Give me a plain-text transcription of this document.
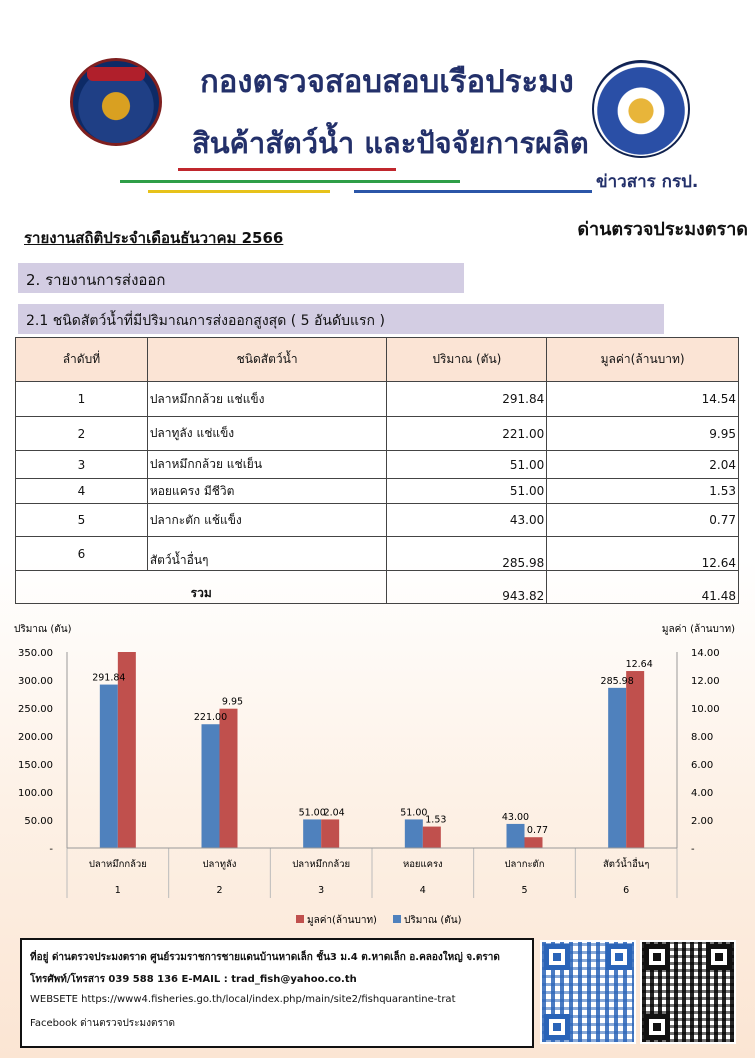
กองตรวจสอบสอบเรือประมง
สินค้าสัตว์น้ำ และปัจจัยการผลิต
ข่าวสาร กรป.
รายงานสถิติประจำเดือนธันวาคม 2566	ด่านตรวจประมงตราด
2. รายงานการส่งออก
2.1 ชนิดสัตว์น้ำที่มีปริมาณการส่งออกสูงสุด ( 5 อันดับแรก )
ลำดับที่	ชนิดสัตว์น้ำ	ปริมาณ (ตัน)	มูลค่า(ล้านบาท)
1	ปลาหมึกกล้วย แช่แข็ง	291.84	14.54
2	ปลาทูลัง แช่แข็ง	221.00	9.95
3	ปลาหมึกกล้วย แช่เย็น	51.00	2.04
4	หอยแครง มีชีวิต	51.00	1.53
5	ปลากะตัก แช้แข็ง	43.00	0.77
6	สัตว์น้ำอื่นๆ	285.98	12.64
รวม		943.82	41.48
291.84
221.00
9.95
51.00
2.04	51.00
1.53	43.00
0.77
285.98
12.64
-
50.00
100.00
150.00
200.00
250.00
300.00
350.00
-
2.00
4.00
6.00
8.00
10.00
12.00
14.00
ปลาหมึกกล้วย
1
ปลาทูลัง
2
ปลาหมึกกล้วย
3
หอยแครง
4
ปลากะตัก
5
สัตว์น้ำอื่นๆ
6
ปริมาณ (ตัน)	มูลค่า (ล้านบาท)
มูลค่า(ล้านบาท)	ปริมาณ (ตัน)
ที่อยู่ ด่านตรวจประมงตราด ศูนย์รวมราชการชายแดนบ้านหาดเล็ก ชั้น3 ม.4 ต.หาดเล็ก อ.คลองใหญ่ จ.ตราด
โทรศัพท์/โทรสาร 039 588 136 E-MAIL : trad_fish@yahoo.co.th
WEBSETE https://www4.fisheries.go.th/local/index.php/main/site2/fishquarantine-trat
Facebook ด่านตรวจประมงตราด
